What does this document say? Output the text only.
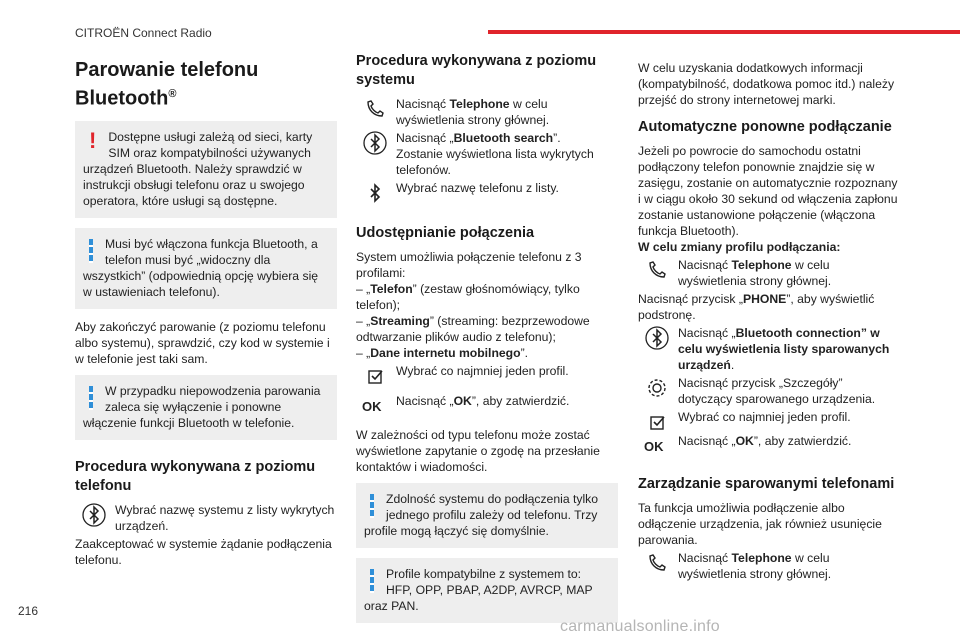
CITROËN Connect Radio
Parowanie telefonu Bluetooth®
! Dostępne usługi zależą od sieci, karty SIM oraz kompatybilności używanych urządzeń Bluetooth. Należy sprawdzić w instrukcji obsługi telefonu oraz u swojego operatora, które usługi są dostępne.

Musi być włączona funkcja Bluetooth, a telefon musi być „widoczny dla wszystkich” (odpowiednią opcję wybiera się w ustawieniach telefonu).

Aby zakończyć parowanie (z poziomu telefonu albo systemu), sprawdzić, czy kod w systemie i w telefonie jest taki sam.

W przypadku niepowodzenia parowania zaleca się wyłączenie i ponowne włączenie funkcji Bluetooth w telefonie.

Procedura wykonywana z poziomu telefonu
Wybrać nazwę systemu z listy wykrytych urządzeń.

Zaakceptować w systemie żądanie podłączenia telefonu.

Procedura wykonywana z poziomu systemu
Nacisnąć Telephone w celu wyświetlenia strony głównej.
Nacisnąć „Bluetooth search”.
Zostanie wyświetlona lista wykrytych telefonów.
Wybrać nazwę telefonu z listy.
Udostępnianie połączenia

System umożliwia połączenie telefonu z 3 profilami:

– „Telefon” (zestaw głośnomówiący, tylko telefon);

– „Streaming” (streaming: bezprzewodowe odtwarzanie plików audio z telefonu);

– „Dane internetu mobilnego”.

Wybrać co najmniej jeden profil.
OK	Nacisnąć „OK”, aby zatwierdzić.

W zależności od typu telefonu może zostać wyświetlone zapytanie o zgodę na przesłanie kontaktów i wiadomości.

Zdolność systemu do podłączenia tylko jednego profilu zależy od telefonu. Trzy profile mogą łączyć się domyślnie.

Profile kompatybilne z systemem to: HFP, OPP, PBAP, A2DP, AVRCP, MAP oraz PAN.

W celu uzyskania dodatkowych informacji (kompatybilność, dodatkowa pomoc itd.) należy przejść do strony internetowej marki.

Automatyczne ponowne podłączanie

Jeżeli po powrocie do samochodu ostatni podłączony telefon ponownie znajdzie się w zasięgu, zostanie on automatycznie rozpoznany i w ciągu około 30 sekund od włączenia zapłonu zostanie ustanowione połączenie (włączona funkcja Bluetooth).

W celu zmiany profilu podłączania:

Nacisnąć Telephone w celu wyświetlenia strony głównej.

Nacisnąć przycisk „PHONE”, aby wyświetlić podstronę.

Nacisnąć „Bluetooth connection” w celu wyświetlenia listy sparowanych urządzeń.
Nacisnąć przycisk „Szczegóły” dotyczący sparowanego urządzenia.
Wybrać co najmniej jeden profil.
OK	Nacisnąć „OK”, aby zatwierdzić.
Zarządzanie sparowanymi telefonami

Ta funkcja umożliwia podłączenie albo odłączenie urządzenia, jak również usunięcie parowania.

Nacisnąć Telephone w celu wyświetlenia strony głównej.
216
carmanualsonline.info
